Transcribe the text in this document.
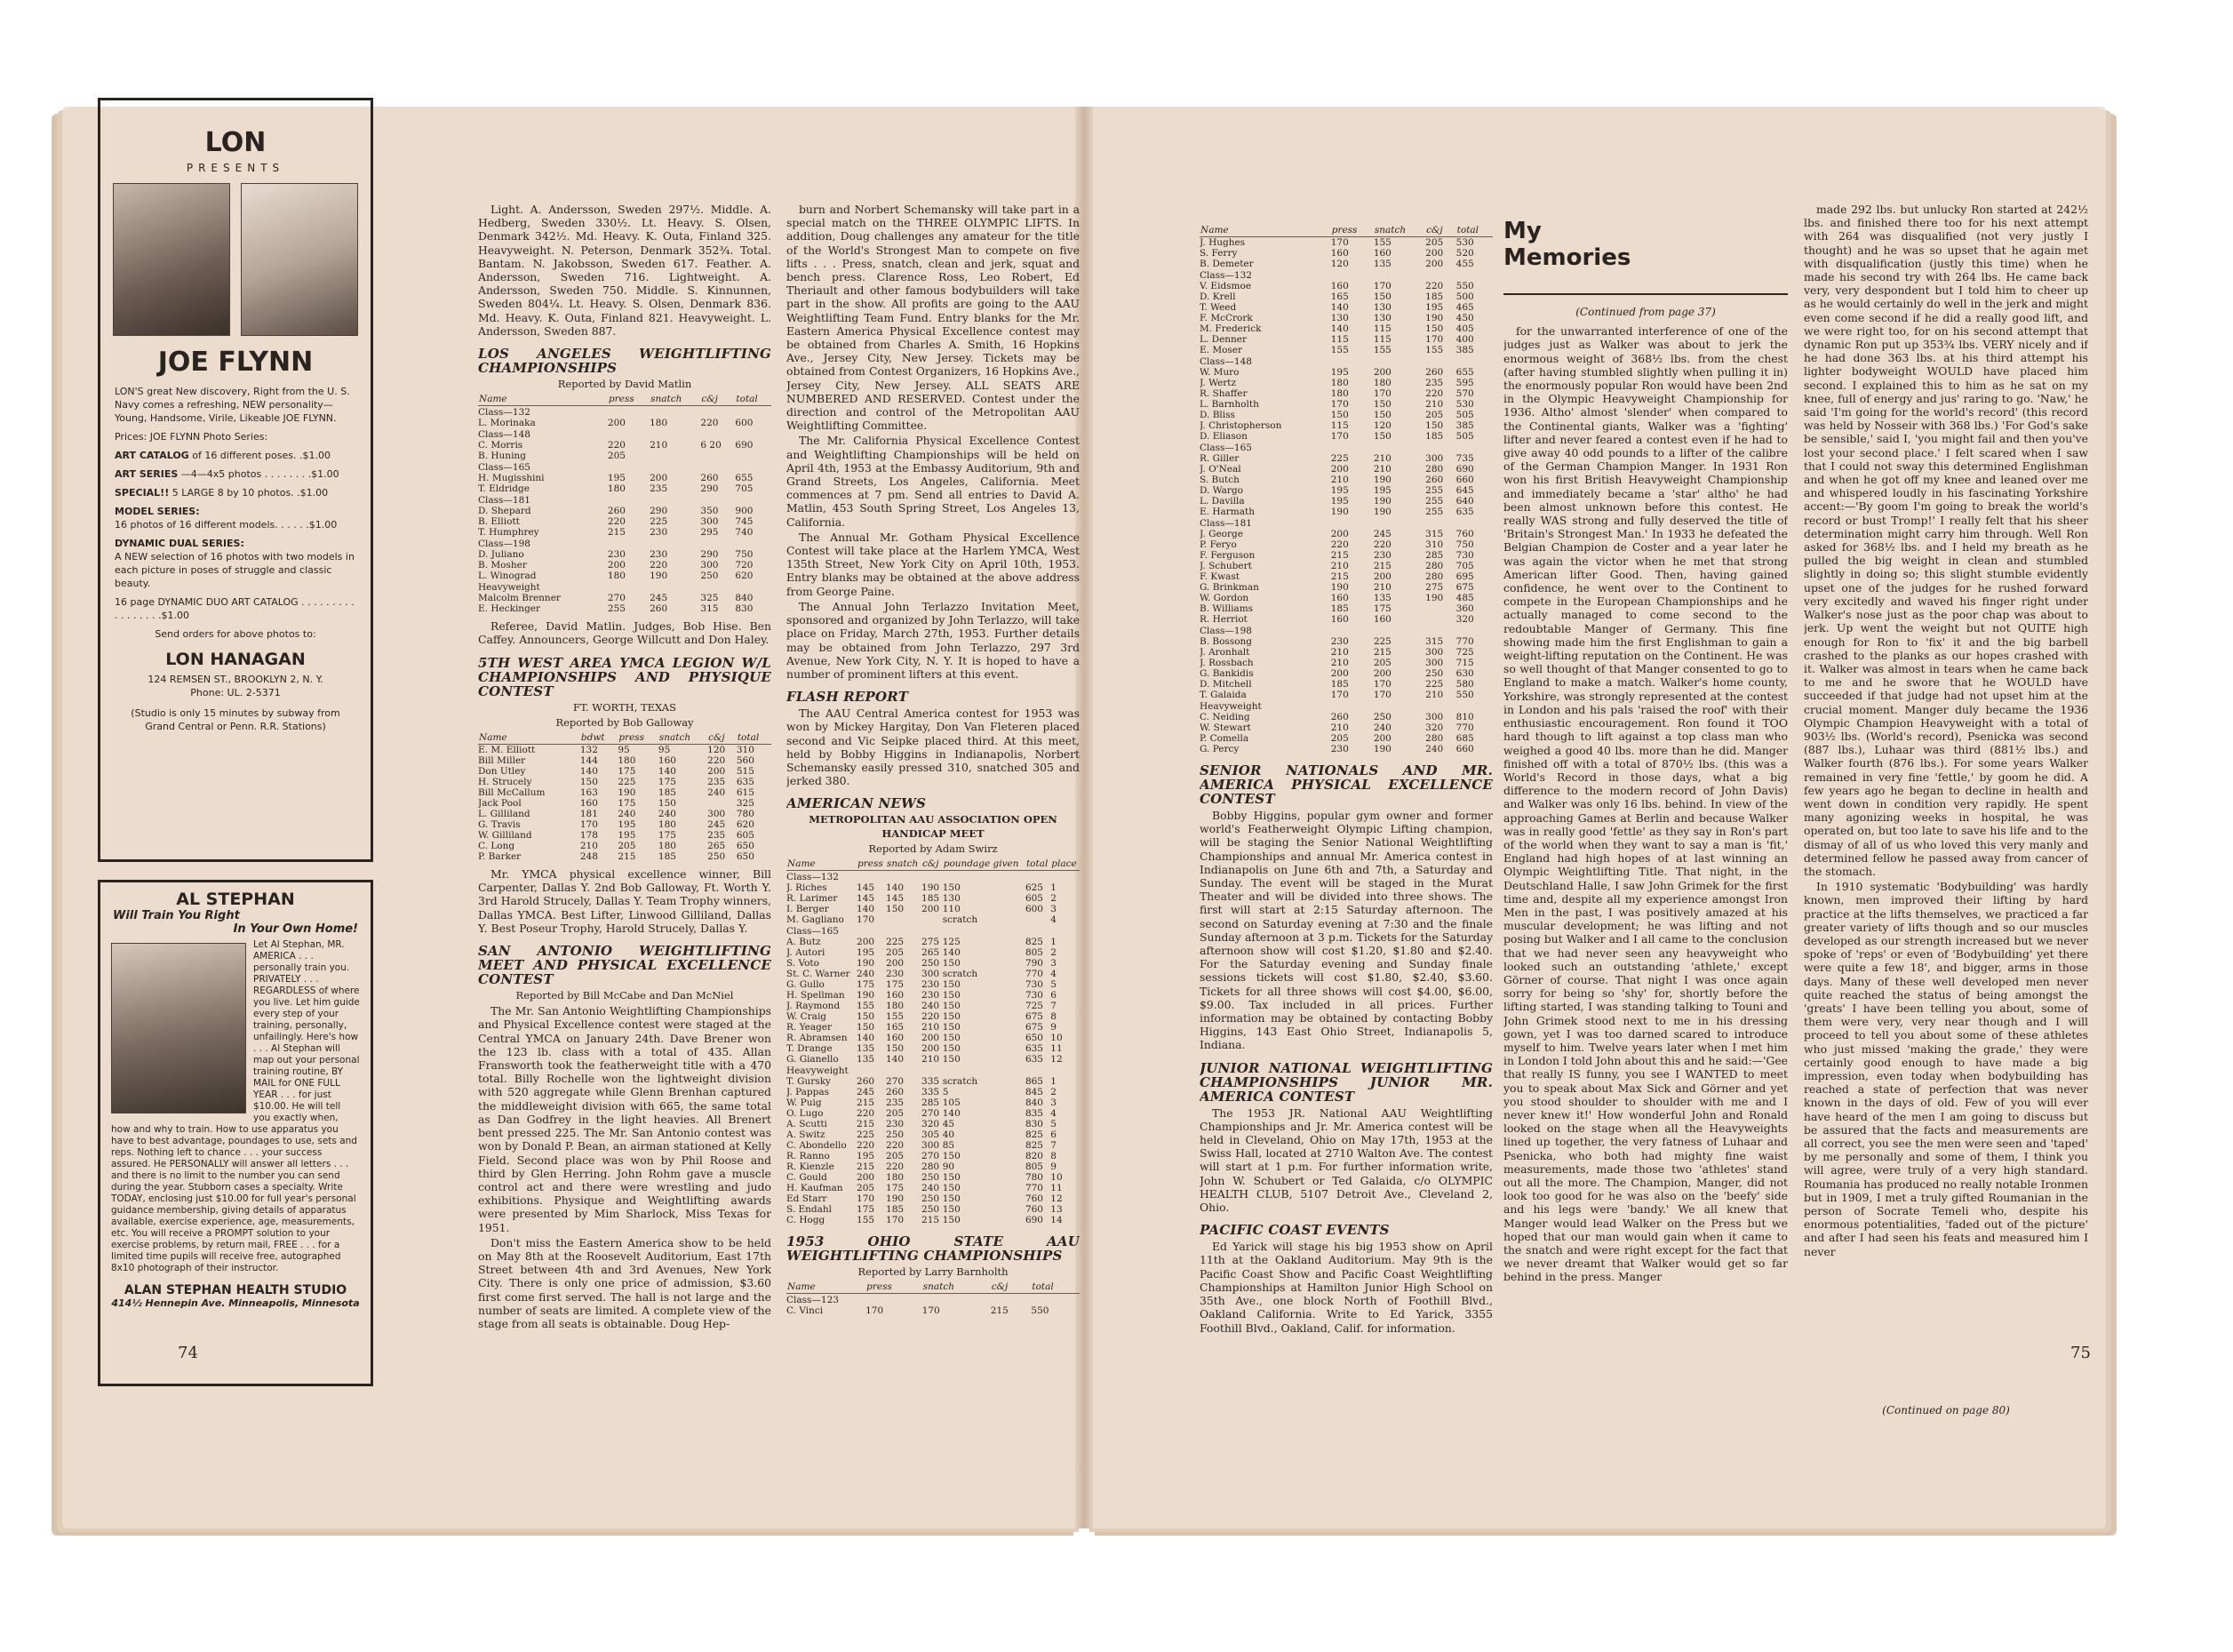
LON
PRESENTS
JOE FLYNN
LON'S great New discovery, Right from the U. S. Navy comes a refreshing, NEW personality—Young, Handsome, Virile, Likeable JOE FLYNN.
Prices: JOE FLYNN Photo Series:
ART CATALOG of 16 different poses. .$1.00
ART SERIES —4—4x5 photos . . . . . . . .$1.00
SPECIAL!! 5 LARGE 8 by 10 photos. .$1.00
MODEL SERIES:
16 photos of 16 different models. . . . . .$1.00
DYNAMIC DUAL SERIES:
A NEW selection of 16 photos with two models in each picture in poses of struggle and classic beauty.
16 page DYNAMIC DUO ART CATALOG . . . . . . . . . . . . . . . . .$1.00
Send orders for above photos to:
LON HANAGAN
124 REMSEN ST., BROOKLYN 2, N. Y.
Phone: UL. 2-5371
(Studio is only 15 minutes by subway from Grand Central or Penn. R.R. Stations)
AL STEPHAN
Will Train You Right
In Your Own Home!
Let Al Stephan, MR. AMERICA . . . personally train you. PRIVATELY . . . REGARDLESS of where you live. Let him guide every step of your training, personally, unfailingly. Here's how . . . Al Stephan will map out your personal training routine, BY MAIL for ONE FULL YEAR . . . for just $10.00. He will tell you exactly when, how and why to train. How to use apparatus you have to best advantage, poundages to use, sets and reps. Nothing left to chance . . . your success assured. He PERSONALLY will answer all letters . . . and there is no limit to the number you can send during the year. Stubborn cases a specialty. Write TODAY, enclosing just $10.00 for full year's personal guidance membership, giving details of apparatus available, exercise experience, age, measurements, etc. You will receive a PROMPT solution to your exercise problems, by return mail, FREE . . . for a limited time pupils will receive free, autographed 8x10 photograph of their instructor.
ALAN STEPHAN HEALTH STUDIO
414½ Hennepin Ave. Minneapolis, Minnesota
74

Light. A. Andersson, Sweden 297½. Middle. A. Hedberg, Sweden 330½. Lt. Heavy. S. Olsen, Denmark 342½. Md. Heavy. K. Outa, Finland 325. Heavyweight. N. Peterson, Denmark 352¾. Total. Bantam. N. Jakobsson, Sweden 617. Feather. A. Andersson, Sweden 716. Lightweight. A. Andersson, Sweden 750. Middle. S. Kinnunnen, Sweden 804¼. Lt. Heavy. S. Olsen, Denmark 836. Md. Heavy. K. Outa, Finland 821. Heavyweight. L. Andersson, Sweden 887.

LOS ANGELES WEIGHTLIFTING CHAMPIONSHIPS
Reported by David Matlin
Name	press	snatch	c&j	total
Class—132				
L. Morinaka	200	180	220	600
Class—148				
C. Morris	220	210	6 20	690
B. Huning	205			
Class—165				
H. Mugisshini	195	200	260	655
T. Eldridge	180	235	290	705
Class—181				
D. Shepard	260	290	350	900
B. Elliott	220	225	300	745
T. Humphrey	215	230	295	740
Class—198				
D. Juliano	230	230	290	750
B. Mosher	200	220	300	720
L. Winograd	180	190	250	620
Heavyweight				
Malcolm Brenner	270	245	325	840
E. Heckinger	255	260	315	830

Referee, David Matlin. Judges, Bob Hise. Ben Caffey. Announcers, George Willcutt and Don Haley.

5TH WEST AREA YMCA LEGION W/L CHAMPIONSHIPS AND PHYSIQUE CONTEST
FT. WORTH, TEXAS
Reported by Bob Galloway
Name	bdwt	press	snatch	c&j	total
E. M. Elliott	132	95	95	120	310
Bill Miller	144	180	160	220	560
Don Utley	140	175	140	200	515
H. Strucely	150	225	175	235	635
Bill McCallum	163	190	185	240	615
Jack Pool	160	175	150		325
L. Gilliland	181	240	240	300	780
G. Travis	170	195	180	245	620
W. Gilliland	178	195	175	235	605
C. Long	210	205	180	265	650
P. Barker	248	215	185	250	650

Mr. YMCA physical excellence winner, Bill Carpenter, Dallas Y. 2nd Bob Galloway, Ft. Worth Y. 3rd Harold Strucely, Dallas Y. Team Trophy winners, Dallas YMCA. Best Lifter, Linwood Gilliland, Dallas Y. Best Poseur Trophy, Harold Strucely, Dallas Y.

SAN ANTONIO WEIGHTLIFTING MEET AND PHYSICAL EXCELLENCE CONTEST
Reported by Bill McCabe and Dan McNiel

The Mr. San Antonio Weightlifting Championships and Physical Excellence contest were staged at the Central YMCA on January 24th. Dave Brener won the 123 lb. class with a total of 435. Allan Fransworth took the featherweight title with a 470 total. Billy Rochelle won the lightweight division with 520 aggregate while Glenn Brenhan captured the middleweight division with 665, the same total as Dan Godfrey in the light heavies. All Brenert bent pressed 225. The Mr. San Antonio contest was won by Donald P. Bean, an airman stationed at Kelly Field. Second place was won by Phil Roose and third by Glen Herring. John Rohm gave a muscle control act and there were wrestling and judo exhibitions. Physique and Weightlifting awards were presented by Mim Sharlock, Miss Texas for 1951.

Don't miss the Eastern America show to be held on May 8th at the Roosevelt Auditorium, East 17th Street between 4th and 3rd Avenues, New York City. There is only one price of admission, $3.60 first come first served. The hall is not large and the number of seats are limited. A complete view of the stage from all seats is obtainable. Doug Hep-

burn and Norbert Schemansky will take part in a special match on the THREE OLYMPIC LIFTS. In addition, Doug challenges any amateur for the title of the World's Strongest Man to compete on five lifts . . . Press, snatch, clean and jerk, squat and bench press. Clarence Ross, Leo Robert, Ed Theriault and other famous bodybuilders will take part in the show. All profits are going to the AAU Weightlifting Team Fund. Entry blanks for the Mr. Eastern America Physical Excellence contest may be obtained from Charles A. Smith, 16 Hopkins Ave., Jersey City, New Jersey. Tickets may be obtained from Contest Organizers, 16 Hopkins Ave., Jersey City, New Jersey. ALL SEATS ARE NUMBERED AND RESERVED. Contest under the direction and control of the Metropolitan AAU Weightlifting Committee.

The Mr. California Physical Excellence Contest and Weightlifting Championships will be held on April 4th, 1953 at the Embassy Auditorium, 9th and Grand Streets, Los Angeles, California. Meet commences at 7 pm. Send all entries to David A. Matlin, 453 South Spring Street, Los Angeles 13, California.

The Annual Mr. Gotham Physical Excellence Contest will take place at the Harlem YMCA, West 135th Street, New York City on April 10th, 1953. Entry blanks may be obtained at the above address from George Paine.

The Annual John Terlazzo Invitation Meet, sponsored and organized by John Terlazzo, will take place on Friday, March 27th, 1953. Further details may be obtained from John Terlazzo, 297 3rd Avenue, New York City, N. Y. It is hoped to have a number of prominent lifters at this event.

FLASH REPORT

The AAU Central America contest for 1953 was won by Mickey Hargitay, Don Van Fleteren placed second and Vic Seipke placed third. At this meet, held by Bobby Higgins in Indianapolis, Norbert Schemansky easily pressed 310, snatched 305 and jerked 380.

AMERICAN NEWS
METROPOLITAN AAU ASSOCIATION OPEN HANDICAP MEET
Reported by Adam Swirz
Name	press	snatch	c&j	poundage given	total	place
Class—132						
J. Riches	145	140	190	150	625	1
R. Larimer	145	145	185	130	605	2
I. Berger	140	150	200	110	600	3
M. Gagliano	170			scratch		4
Class—165						
A. Butz	200	225	275	125	825	1
J. Autori	195	205	265	140	805	2
S. Voto	190	200	250	150	790	3
St. C. Warner	240	230	300	scratch	770	4
G. Gullo	175	175	230	150	730	5
H. Spellman	190	160	230	150	730	6
J. Raymond	155	180	240	150	725	7
W. Craig	150	155	220	150	675	8
R. Yeager	150	165	210	150	675	9
R. Abramsen	140	160	200	150	650	10
T. Drange	135	150	200	150	635	11
G. Gianello	135	140	210	150	635	12
Heavyweight						
T. Gursky	260	270	335	scratch	865	1
J. Pappas	245	260	335	5	845	2
W. Puig	215	235	285	105	840	3
O. Lugo	220	205	270	140	835	4
A. Scutti	215	230	320	45	830	5
A. Switz	225	250	305	40	825	6
C. Abondello	220	220	300	85	825	7
R. Ranno	195	205	270	150	820	8
R. Kienzle	215	220	280	90	805	9
C. Gould	200	180	250	150	780	10
H. Kaufman	205	175	240	150	770	11
Ed Starr	170	190	250	150	760	12
S. Endahl	175	185	250	150	760	13
C. Hogg	155	170	215	150	690	14
1953 OHIO STATE AAU WEIGHTLIFTING CHAMPIONSHIPS
Reported by Larry Barnholth
Name	press	snatch	c&j	total
Class—123				
C. Vinci	170	170	215	550
Name	press	snatch	c&j	total
J. Hughes	170	155	205	530
S. Ferry	160	160	200	520
B. Demeter	120	135	200	455
Class—132				
V. Eidsmoe	160	170	220	550
D. Krell	165	150	185	500
T. Weed	140	130	195	465
F. McCrork	130	130	190	450
M. Frederick	140	115	150	405
L. Denner	115	115	170	400
E. Moser	155	155	155	385
Class—148				
W. Muro	195	200	260	655
J. Wertz	180	180	235	595
R. Shaffer	180	170	220	570
L. Barnholth	170	150	210	530
D. Bliss	150	150	205	505
J. Christopherson	115	120	150	385
D. Eliason	170	150	185	505
Class—165				
R. Giller	225	210	300	735
J. O'Neal	200	210	280	690
S. Butch	210	190	260	660
D. Wargo	195	195	255	645
L. Davilla	195	190	255	640
E. Harmath	190	190	255	635
Class—181				
J. George	200	245	315	760
P. Feryo	220	220	310	750
F. Ferguson	215	230	285	730
J. Schubert	210	215	280	705
F. Kwast	215	200	280	695
G. Brinkman	190	210	275	675
W. Gordon	160	135	190	485
B. Williams	185	175		360
R. Herriot	160	160		320
Class—198				
B. Bossong	230	225	315	770
J. Aronhalt	210	215	300	725
J. Rossbach	210	205	300	715
G. Bankidis	200	200	250	630
D. Mitchell	185	170	225	580
T. Galaida	170	170	210	550
Heavyweight				
C. Neiding	260	250	300	810
W. Stewart	210	240	320	770
P. Comella	205	200	280	685
G. Percy	230	190	240	660
SENIOR NATIONALS AND MR. AMERICA PHYSICAL EXCELLENCE CONTEST

Bobby Higgins, popular gym owner and former world's Featherweight Olympic Lifting champion, will be staging the Senior National Weightlifting Championships and annual Mr. America contest in Indianapolis on June 6th and 7th, a Saturday and Sunday. The event will be staged in the Murat Theater and will be divided into three shows. The first will start at 2:15 Saturday afternoon. The second on Saturday evening at 7:30 and the finale Sunday afternoon at 3 p.m. Tickets for the Saturday afternoon show will cost $1.20, $1.80 and $2.40. For the Saturday evening and Sunday finale sessions tickets will cost $1.80, $2.40, $3.60. Tickets for all three shows will cost $4.00, $6.00, $9.00. Tax included in all prices. Further information may be obtained by contacting Bobby Higgins, 143 East Ohio Street, Indianapolis 5, Indiana.

JUNIOR NATIONAL WEIGHTLIFTING CHAMPIONSHIPS JUNIOR MR. AMERICA CONTEST

The 1953 JR. National AAU Weightlifting Championships and Jr. Mr. America contest will be held in Cleveland, Ohio on May 17th, 1953 at the Swiss Hall, located at 2710 Walton Ave. The contest will start at 1 p.m. For further information write, John W. Schubert or Ted Galaida, c/o OLYMPIC HEALTH CLUB, 5107 Detroit Ave., Cleveland 2, Ohio.

PACIFIC COAST EVENTS

Ed Yarick will stage his big 1953 show on April 11th at the Oakland Auditorium. May 9th is the Pacific Coast Show and Pacific Coast Weightlifting Championships at Hamilton Junior High School on 35th Ave., one block North of Foothill Blvd., Oakland California. Write to Ed Yarick, 3355 Foothill Blvd., Oakland, Calif. for information.

My
Memories
(Continued from page 37)

for the unwarranted interference of one of the judges just as Walker was about to jerk the enormous weight of 368½ lbs. from the chest (after having stumbled slightly when pulling it in) the enormously popular Ron would have been 2nd in the Olympic Heavyweight Championship for 1936. Altho' almost 'slender' when compared to the Continental giants, Walker was a 'fighting' lifter and never feared a contest even if he had to give away 40 odd pounds to a lifter of the calibre of the German Champion Manger. In 1931 Ron won his first British Heavyweight Championship and immediately became a 'star' altho' he had been almost unknown before this contest. He really WAS strong and fully deserved the title of 'Britain's Strongest Man.' In 1933 he defeated the Belgian Champion de Coster and a year later he was again the victor when he met that strong American lifter Good. Then, having gained confidence, he went over to the Continent to compete in the European Championships and he actually managed to come second to the redoubtable Manger of Germany. This fine showing made him the first Englishman to gain a weight-lifting reputation on the Continent. He was so well thought of that Manger consented to go to England to make a match. Walker's home county, Yorkshire, was strongly represented at the contest in London and his pals 'raised the roof' with their enthusiastic encouragement. Ron found it TOO hard though to lift against a top class man who weighed a good 40 lbs. more than he did. Manger finished off with a total of 870½ lbs. (this was a World's Record in those days, what a big difference to the modern record of John Davis) and Walker was only 16 lbs. behind. In view of the approaching Games at Berlin and because Walker was in really good 'fettle' as they say in Ron's part of the world when they want to say a man is 'fit,' England had high hopes of at last winning an Olympic Weightlifting Title. That night, in the Deutschland Halle, I saw John Grimek for the first time and, despite all my experience amongst Iron Men in the past, I was positively amazed at his muscular development; he was lifting and not posing but Walker and I all came to the conclusion that we had never seen any heavyweight who looked such an outstanding 'athlete,' except Görner of course. That night I was once again sorry for being so 'shy' for, shortly before the lifting started, I was standing talking to Touni and John Grimek stood next to me in his dressing gown, yet I was too darned scared to introduce myself to him. Twelve years later when I met him in London I told John about this and he said:—'Gee that really IS funny, you see I WANTED to meet you to speak about Max Sick and Görner and yet you stood shoulder to shoulder with me and I never knew it!' How wonderful John and Ronald looked on the stage when all the Heavyweights lined up together, the very fatness of Luhaar and Psenicka, who both had mighty fine waist measurements, made those two 'athletes' stand out all the more. The Champion, Manger, did not look too good for he was also on the 'beefy' side and his legs were 'bandy.' We all knew that Manger would lead Walker on the Press but we hoped that our man would gain when it came to the snatch and were right except for the fact that we never dreamt that Walker would get so far behind in the press. Manger

made 292 lbs. but unlucky Ron started at 242½ lbs. and finished there too for his next attempt with 264 was disqualified (not very justly I thought) and he was so upset that he again met with disqualification (justly this time) when he made his second try with 264 lbs. He came back very, very despondent but I told him to cheer up as he would certainly do well in the jerk and might even come second if he did a really good lift, and we were right too, for on his second attempt that dynamic Ron put up 353¾ lbs. VERY nicely and if he had done 363 lbs. at his third attempt his lighter bodyweight WOULD have placed him second. I explained this to him as he sat on my knee, full of energy and jus' raring to go. 'Naw,' he said 'I'm going for the world's record' (this record was held by Nosseir with 368 lbs.) 'For God's sake be sensible,' said I, 'you might fail and then you've lost your second place.' I felt scared when I saw that I could not sway this determined Englishman and when he got off my knee and leaned over me and whispered loudly in his fascinating Yorkshire accent:—'By goom I'm going to break the world's record or bust Tromp!' I really felt that his sheer determination might carry him through. Well Ron asked for 368½ lbs. and I held my breath as he pulled the big weight in clean and stumbled slightly in doing so; this slight stumble evidently upset one of the judges for he rushed forward very excitedly and waved his finger right under Walker's nose just as the poor chap was about to jerk. Up went the weight but not QUITE high enough for Ron to 'fix' it and the big barbell crashed to the planks as our hopes crashed with it. Walker was almost in tears when he came back to me and he swore that he WOULD have succeeded if that judge had not upset him at the crucial moment. Manger duly became the 1936 Olympic Champion Heavyweight with a total of 903½ lbs. (World's record), Psenicka was second (887 lbs.), Luhaar was third (881½ lbs.) and Walker fourth (876 lbs.). For some years Walker remained in very fine 'fettle,' by goom he did. A few years ago he began to decline in health and went down in condition very rapidly. He spent many agonizing weeks in hospital, he was operated on, but too late to save his life and to the dismay of all of us who loved this very manly and determined fellow he passed away from cancer of the stomach.

In 1910 systematic 'Bodybuilding' was hardly known, men improved their lifting by hard practice at the lifts themselves, we practiced a far greater variety of lifts though and so our muscles developed as our strength increased but we never spoke of 'reps' or even of 'Bodybuilding' yet there were quite a few 18', and bigger, arms in those days. Many of these well developed men never quite reached the status of being amongst the 'greats' I have been telling you about, some of them were very, very near though and I will proceed to tell you about some of these athletes who just missed 'making the grade,' they were certainly good enough to have made a big impression, even today when bodybuilding has reached a state of perfection that was never known in the days of old. Few of you will ever have heard of the men I am going to discuss but be assured that the facts and measurements are all correct, you see the men were seen and 'taped' by me personally and some of them, I think you will agree, were truly of a very high standard. Roumania has produced no really notable Ironmen but in 1909, I met a truly gifted Roumanian in the person of Socrate Temeli who, despite his enormous potentialities, 'faded out of the picture' and after I had seen his feats and measured him I never

(Continued on page 80)
75
